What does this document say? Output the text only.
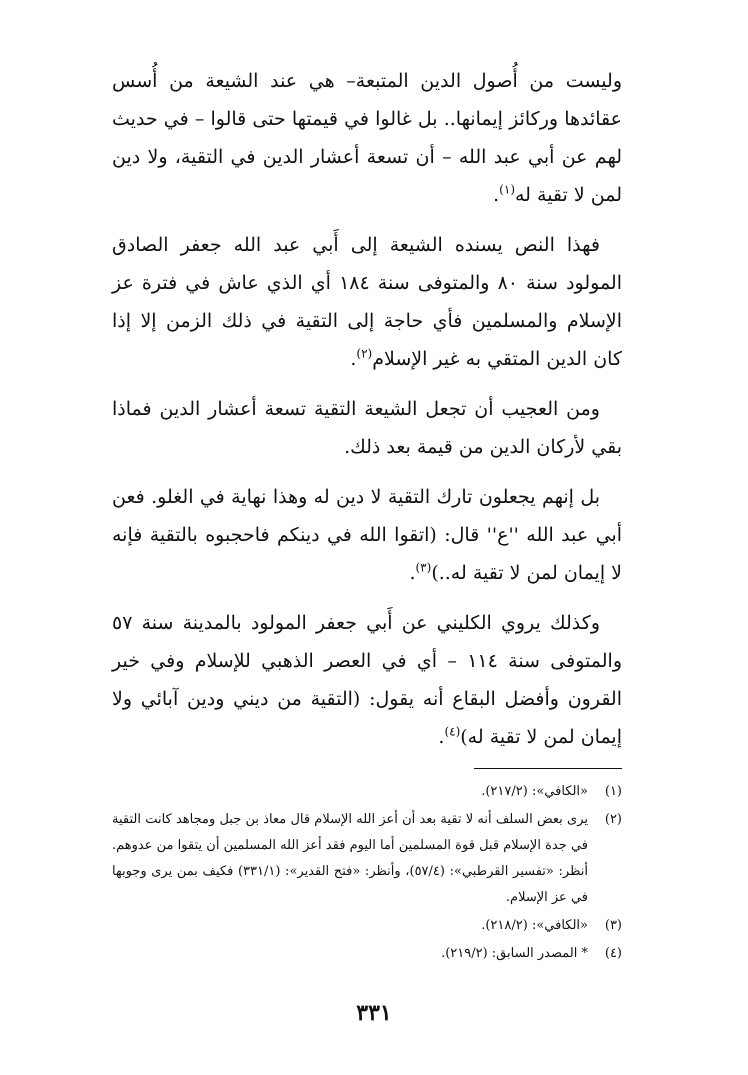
وليست من أُصول الدين المتبعة– هي عند الشيعة من أُسس عقائدها وركائز إيمانها.. بل غالوا في قيمتها حتى قالوا – في حديث لهم عن أبي عبد الله – أن تسعة أعشار الدين في التقية، ولا دين لمن لا تقية له$^{(١)}$.

فهذا النص يسنده الشيعة إلى أَبي عبد الله جعفر الصادق المولود سنة ٨٠ والمتوفى سنة ١٨٤ أي الذي عاش في فترة عز الإسلام والمسلمين فأي حاجة إلى التقية في ذلك الزمن إلا إذا كان الدين المتقي به غير الإسلام$^{(٢)}$.

ومن العجيب أن تجعل الشيعة التقية تسعة أعشار الدين فماذا بقي لأركان الدين من قيمة بعد ذلك.

بل إنهم يجعلون تارك التقية لا دين له وهذا نهاية في الغلو. فعن أبي عبد الله ''ع'' قال: (اتقوا الله في دينكم فاحجبوه بالتقية فإنه لا إيمان لمن لا تقية له..)$^{(٣)}$.

وكذلك يروي الكليني عن أَبي جعفر المولود بالمدينة سنة ٥٧ والمتوفى سنة ١١٤ – أي في العصر الذهبي للإسلام وفي خير القرون وأفضل البقاع أنه يقول: (التقية من ديني ودين آبائي ولا إيمان لمن لا تقية له)$^{(٤)}$.

(١)
«الكافي»: (٢١٧/٢).
(٢)
يرى بعض السلف أنه لا تقية بعد أن أعز الله الإسلام قال معاذ بن جبل ومجاهد كانت التقية في جدة الإسلام قبل قوة المسلمين أما اليوم فقد أعز الله المسلمين أن يتقوا من عدوهم. أنظر: «تفسير القرطبي»: (٥٧/٤)، وأنظر: «فتح القدير»: (٣٣١/١) فكيف بمن يرى وجوبها في عز الإسلام.
(٣)
«الكافي»: (٢١٨/٢).
(٤)
* المصدر السابق: (٢١٩/٢).
٣٣١
